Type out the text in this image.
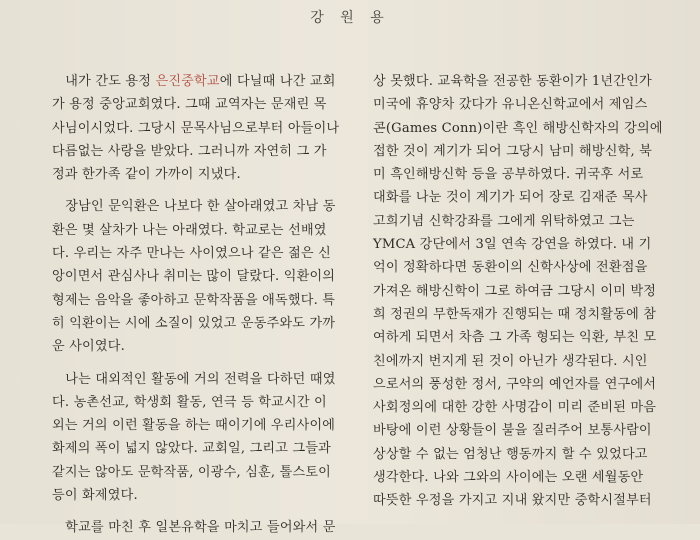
강 원 용
　내가 간도 용정 은진중학교에 다닐때 나간 교회
가 용정 중앙교회였다. 그때 교역자는 문재린 목
사님이시었다. 그당시 문목사님으로부터 아들이나
다름없는 사랑을 받았다. 그러니까 자연히 그 가
정과 한가족 같이 가까이 지냈다.
　장남인 문익환은 나보다 한 살아래였고 차남 동
환은 몇 살차가 나는 아래였다. 학교로는 선배였
다. 우리는 자주 만나는 사이였으나 같은 젊은 신
앙이면서 관심사나 취미는 많이 달랐다. 익환이의
형제는 음악을 좋아하고 문학작품을 애독했다. 특
히 익환이는 시에 소질이 있었고 운동주와도 가까
운 사이였다.
　나는 대외적인 활동에 거의 전력을 다하던 때였
다. 농촌선교, 학생회 활동, 연극 등 학교시간 이
외는 거의 이런 활동을 하는 때이기에 우리사이에
화제의 폭이 넓지 않았다. 교회일, 그리고 그들과
같지는 않아도 문학작품, 이광수, 심훈, 톨스토이
등이 화제였다.
　학교를 마친 후 일본유학을 마치고 들어와서 문
상 못했다. 교육학을 전공한 동환이가 1년간인가
미국에 휴양차 갔다가 유니온신학교에서 제임스
콘(Games Conn)이란 흑인 해방신학자의 강의에
접한 것이 계기가 되어 그당시 남미 해방신학, 북
미 흑인해방신학 등을 공부하였다. 귀국후 서로
대화를 나눈 것이 계기가 되어 장로 김재준 목사
고희기념 신학강좌를 그에게 위탁하였고 그는
YMCA 강단에서 3일 연속 강연을 하였다. 내 기
억이 정확하다면 동환이의 신학사상에 전환점을
가져온 해방신학이 그로 하여금 그당시 이미 박정
희 정권의 무한독재가 진행되는 때 정치활동에 참
여하게 되면서 차츰 그 가족 형되는 익환, 부친 모
친에까지 번지게 된 것이 아닌가 생각된다. 시인
으로서의 풍성한 정서, 구약의 예언자를 연구에서
사회정의에 대한 강한 사명감이 미리 준비된 마음
바탕에 이런 상황들이 불을 질러주어 보통사람이
상상할 수 없는 엄청난 행동까지 할 수 있었다고
생각한다. 나와 그와의 사이에는 오랜 세월동안
따뜻한 우정을 가지고 지내 왔지만 중학시절부터
